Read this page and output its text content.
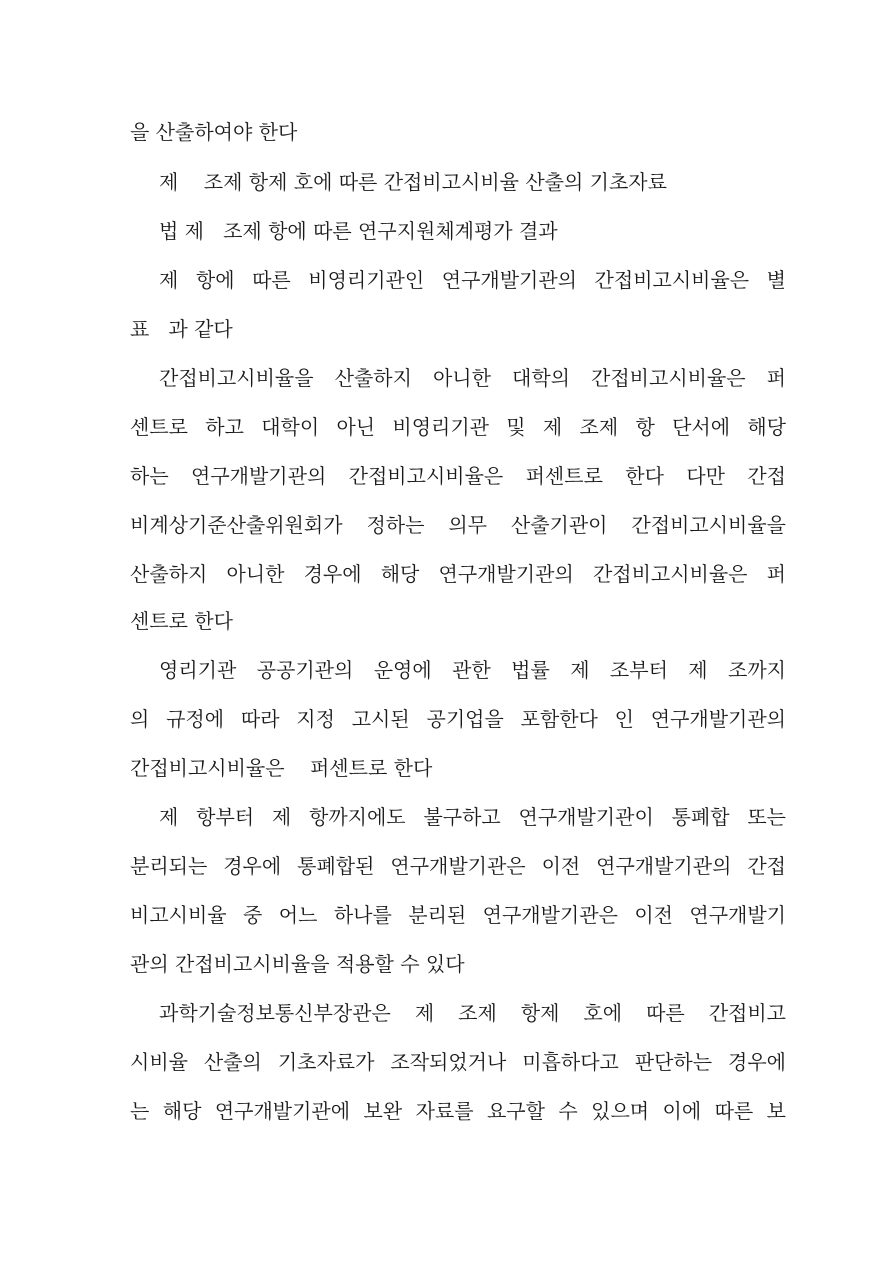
을 산출하여야 한다
제    조제 항제 호에 따른 간접비고시비율 산출의 기초자료
법 제   조제 항에 따른 연구지원체계평가 결과
제 항에 따른 비영리기관인 연구개발기관의 간접비고시비율은 별
표   과 같다
간접비고시비율을 산출하지 아니한 대학의 간접비고시비율은 퍼
센트로 하고 대학이 아닌 비영리기관 및 제 조제 항 단서에 해당
하는 연구개발기관의 간접비고시비율은 퍼센트로 한다 다만 간접
비계상기준산출위원회가 정하는 의무 산출기관이 간접비고시비율을
산출하지 아니한 경우에 해당 연구개발기관의 간접비고시비율은 퍼
센트로 한다
영리기관 공공기관의 운영에 관한 법률 제 조부터 제 조까지
의 규정에 따라 지정 고시된 공기업을 포함한다 인 연구개발기관의
간접비고시비율은    퍼센트로 한다
제 항부터 제 항까지에도 불구하고 연구개발기관이 통폐합 또는
분리되는 경우에 통폐합된 연구개발기관은 이전 연구개발기관의 간접
비고시비율 중 어느 하나를 분리된 연구개발기관은 이전 연구개발기
관의 간접비고시비율을 적용할 수 있다
과학기술정보통신부장관은 제 조제 항제 호에 따른 간접비고
시비율 산출의 기초자료가 조작되었거나 미흡하다고 판단하는 경우에
는 해당 연구개발기관에 보완 자료를 요구할 수 있으며 이에 따른 보
